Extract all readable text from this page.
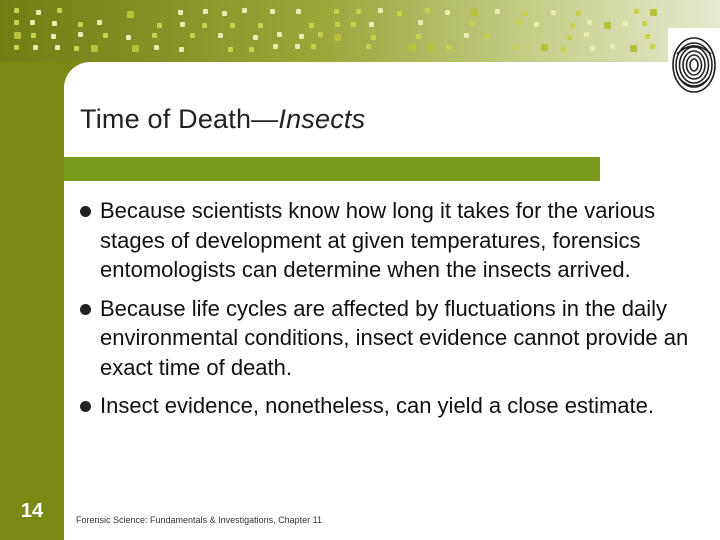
Time of Death—Insects
Because scientists know how long it takes for the various stages of development at given temperatures, forensics entomologists can determine when the insects arrived.
Because life cycles are affected by fluctuations in the daily environmental conditions, insect evidence cannot provide an exact time of death.
Insect evidence, nonetheless, can yield a close estimate.
14	Forensic Science: Fundamentals & Investigations, Chapter 11
